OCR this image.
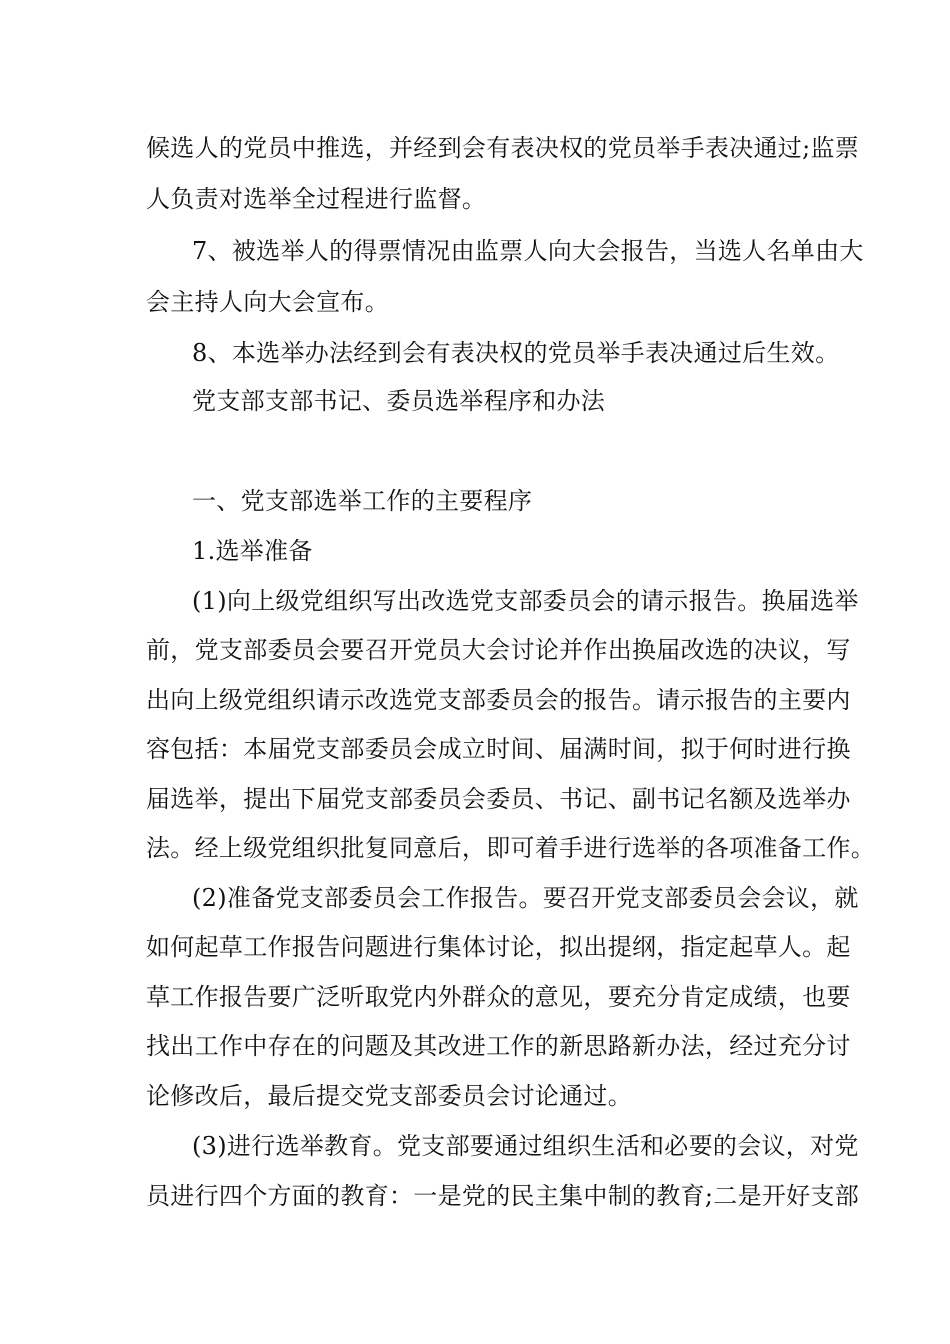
候选人的党员中推选，并经到会有表决权的党员举手表决通过;监票
人负责对选举全过程进行监督。
7、被选举人的得票情况由监票人向大会报告，当选人名单由大
会主持人向大会宣布。
8、本选举办法经到会有表决权的党员举手表决通过后生效。
党支部支部书记、委员选举程序和办法
一、党支部选举工作的主要程序
1.选举准备
(1)向上级党组织写出改选党支部委员会的请示报告。换届选举
前，党支部委员会要召开党员大会讨论并作出换届改选的决议，写
出向上级党组织请示改选党支部委员会的报告。请示报告的主要内
容包括：本届党支部委员会成立时间、届满时间，拟于何时进行换
届选举，提出下届党支部委员会委员、书记、副书记名额及选举办
法。经上级党组织批复同意后，即可着手进行选举的各项准备工作。
(2)准备党支部委员会工作报告。要召开党支部委员会会议，就
如何起草工作报告问题进行集体讨论，拟出提纲，指定起草人。起
草工作报告要广泛听取党内外群众的意见，要充分肯定成绩，也要
找出工作中存在的问题及其改进工作的新思路新办法，经过充分讨
论修改后，最后提交党支部委员会讨论通过。
(3)进行选举教育。党支部要通过组织生活和必要的会议，对党
员进行四个方面的教育：一是党的民主集中制的教育;二是开好支部
